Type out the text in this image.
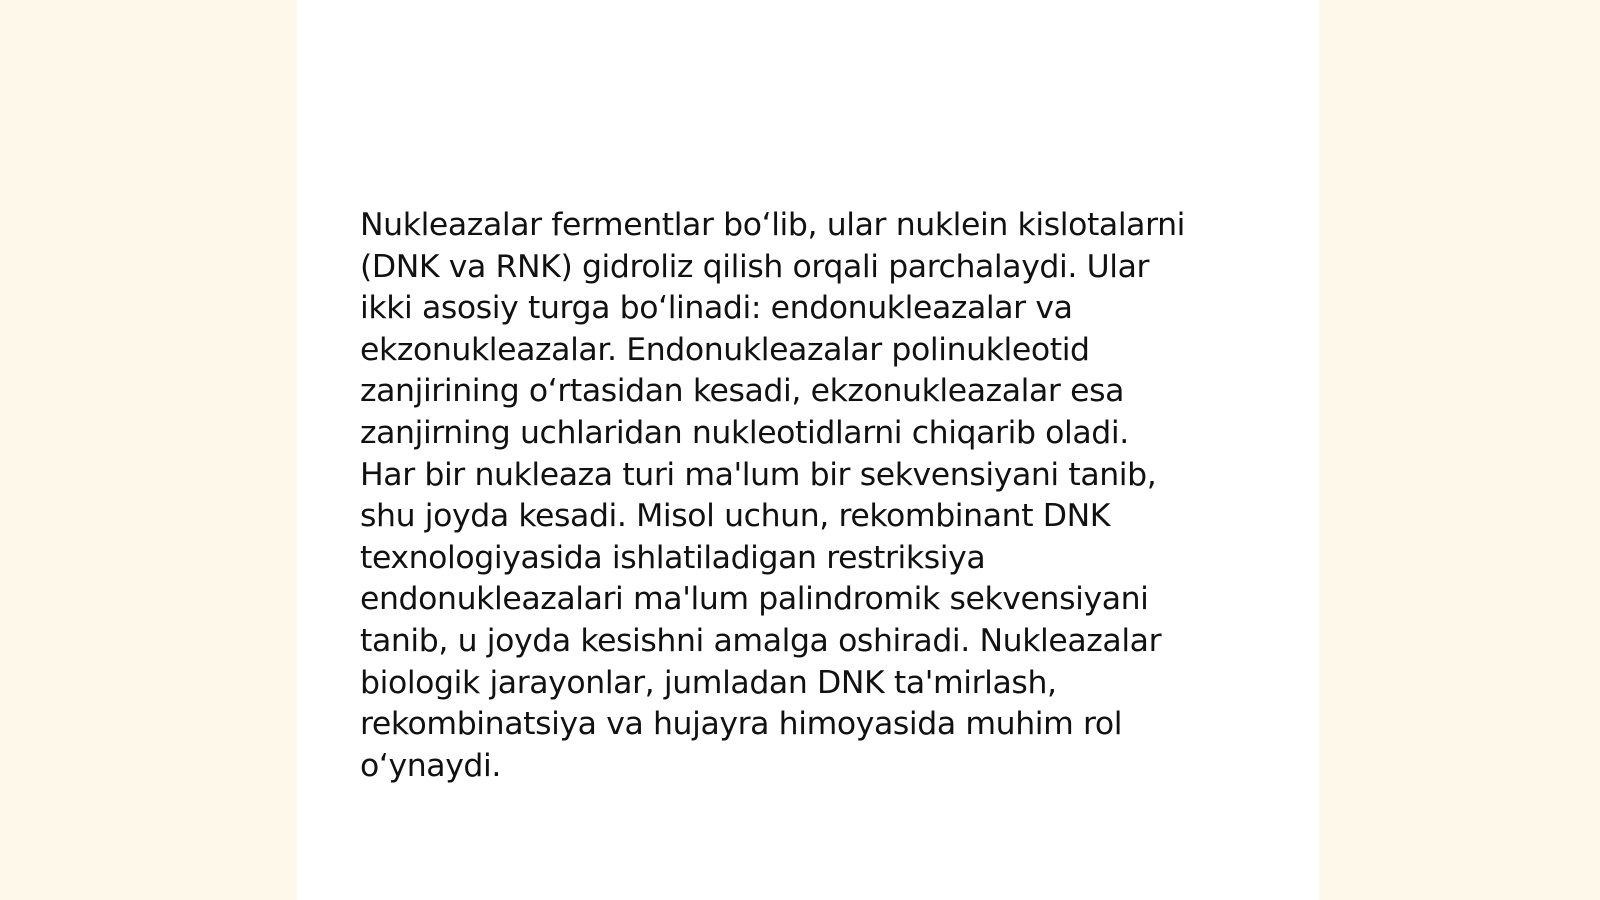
Nukleazalar fermentlar bo‘lib, ular nuklein kislotalarni
(DNK va RNK) gidroliz qilish orqali parchalaydi. Ular
ikki asosiy turga bo‘linadi: endonukleazalar va
ekzonukleazalar. Endonukleazalar polinukleotid
zanjirining o‘rtasidan kesadi, ekzonukleazalar esa
zanjirning uchlaridan nukleotidlarni chiqarib oladi.
Har bir nukleaza turi ma'lum bir sekvensiyani tanib,
shu joyda kesadi. Misol uchun, rekombinant DNK
texnologiyasida ishlatiladigan restriksiya
endonukleazalari ma'lum palindromik sekvensiyani
tanib, u joyda kesishni amalga oshiradi. Nukleazalar
biologik jarayonlar, jumladan DNK ta'mirlash,
rekombinatsiya va hujayra himoyasida muhim rol
o‘ynaydi.
